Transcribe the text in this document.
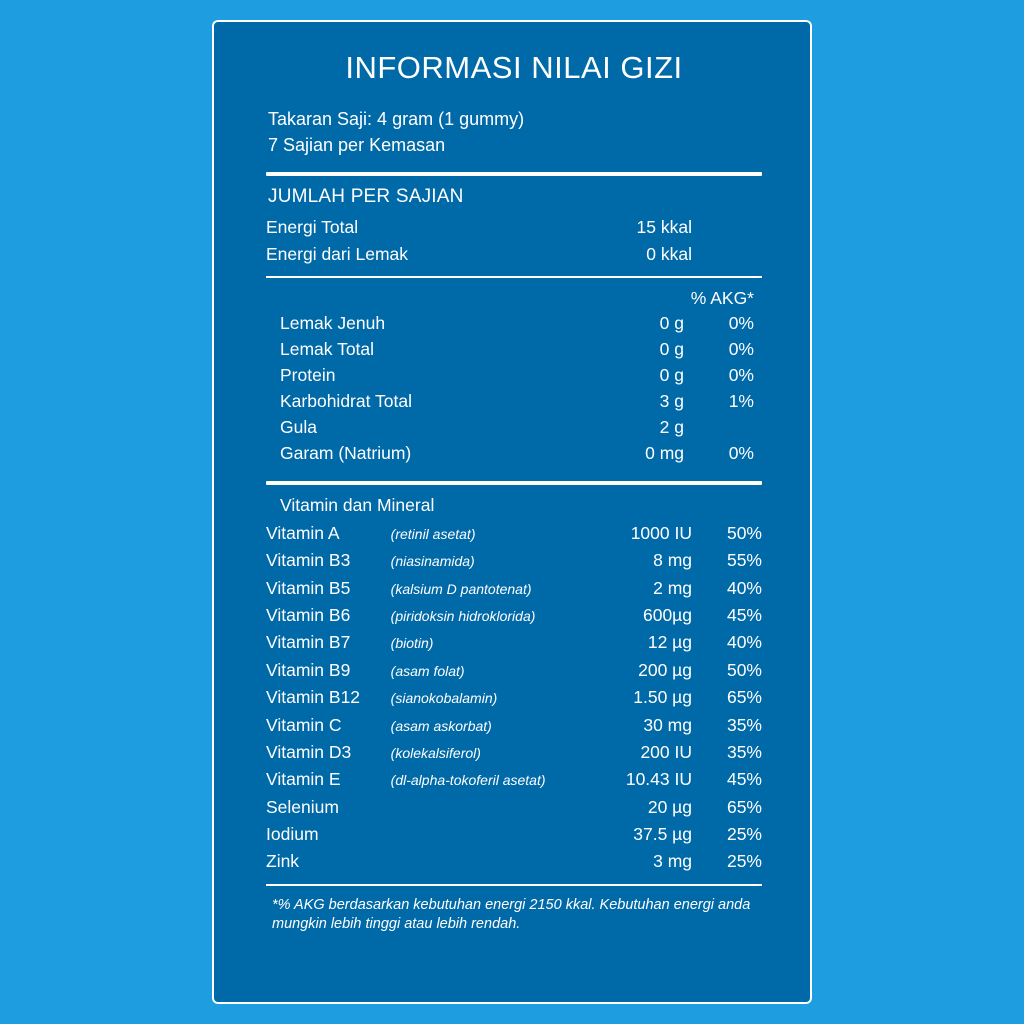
INFORMASI NILAI GIZI
Takaran Saji: 4 gram (1 gummy)
7 Sajian per Kemasan
JUMLAH PER SAJIAN
Energi Total	15 kkal	
Energi dari Lemak	0 kkal	
		% AKG*
Lemak Jenuh	0 g	0%
Lemak Total	0 g	0%
Protein	0 g	0%
Karbohidrat Total	3 g	1%
Gula	2 g	
Garam (Natrium)	0 mg	0%
Vitamin dan Mineral
Vitamin A	(retinil asetat)	1000 IU	50%
Vitamin B3	(niasinamida)	8 mg	55%
Vitamin B5	(kalsium D pantotenat)	2 mg	40%
Vitamin B6	(piridoksin hidroklorida)	600µg	45%
Vitamin B7	(biotin)	12 µg	40%
Vitamin B9	(asam folat)	200 µg	50%
Vitamin B12	(sianokobalamin)	1.50 µg	65%
Vitamin C	(asam askorbat)	30 mg	35%
Vitamin D3	(kolekalsiferol)	200 IU	35%
Vitamin E	(dl-alpha-tokoferil asetat)	10.43 IU	45%
Selenium		20 µg	65%
Iodium		37.5 µg	25%
Zink		3 mg	25%
*% AKG berdasarkan kebutuhan energi 2150 kkal. Kebutuhan energi anda mungkin lebih tinggi atau lebih rendah.
